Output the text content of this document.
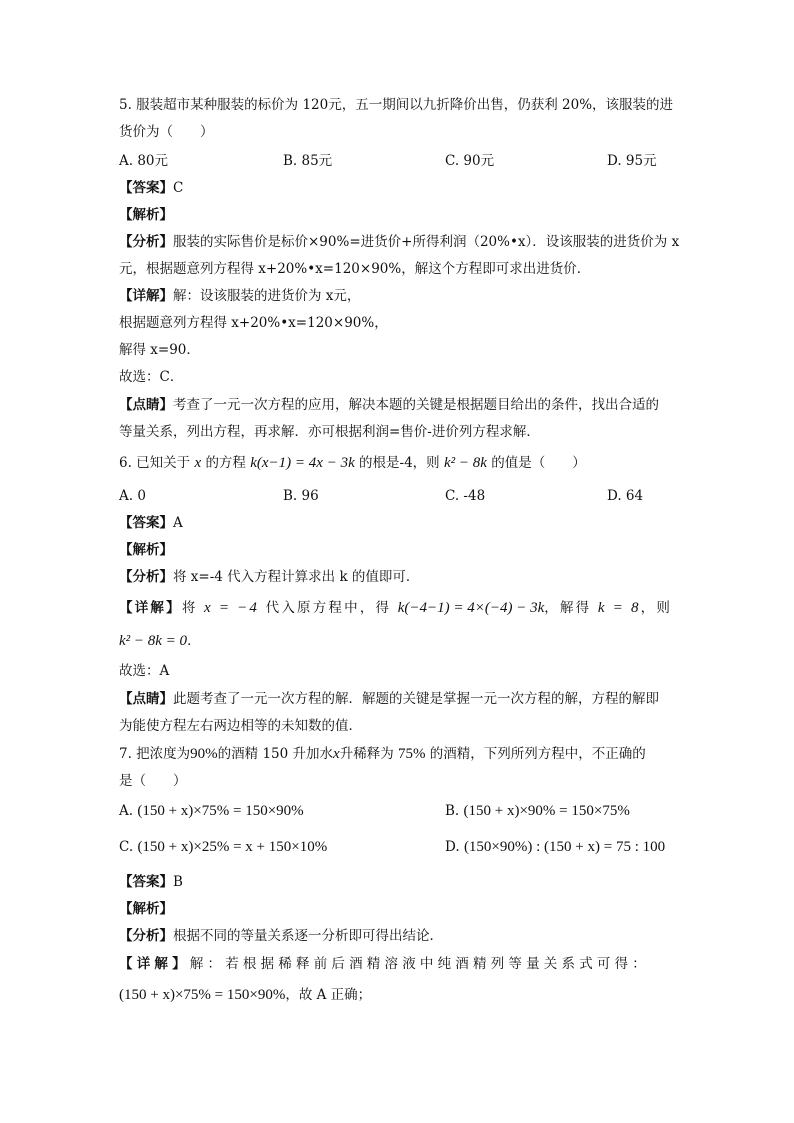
5. 服装超市某种服装的标价为 120元，五一期间以九折降价出售，仍获利 20%，该服装的进
货价为（　　）
A. 80元	B. 85元	C. 90元	D. 95元
【答案】C
【解析】
【分析】服装的实际售价是标价×90%=进货价+所得利润（20%•x）．设该服装的进货价为 x
元，根据题意列方程得 x+20%•x=120×90%，解这个方程即可求出进货价．
【详解】解：设该服装的进货价为 x元，
根据题意列方程得 x+20%•x=120×90%，
解得 x=90．
故选：C．
【点睛】考查了一元一次方程的应用，解决本题的关键是根据题目给出的条件，找出合适的
等量关系，列出方程，再求解．亦可根据利润=售价-进价列方程求解．
6. 已知关于 x 的方程 k(x−1) = 4x − 3k 的根是-4，则 k² − 8k 的值是（　　）
A. 0	B. 96	C. -48	D. 64
【答案】A
【解析】
【分析】将 x=-4 代入方程计算求出 k 的值即可．
【详解】将 x = −4 代入原方程中，得 k(−4−1) = 4×(−4) − 3k，解得 k = 8，则
k² − 8k = 0．
故选：A
【点睛】此题考查了一元一次方程的解．解题的关键是掌握一元一次方程的解，方程的解即
为能使方程左右两边相等的未知数的值．
7. 把浓度为90%的酒精 150 升加水x升稀释为 75% 的酒精，下列所列方程中，不正确的
是（　　）
A. (150 + x)×75% = 150×90%	B. (150 + x)×90% = 150×75%
C. (150 + x)×25% = x + 150×10%	D. (150×90%) : (150 + x) = 75 : 100
【答案】B
【解析】
【分析】根据不同的等量关系逐一分析即可得出结论．
【详解】解：若根据稀释前后酒精溶液中纯酒精列等量关系式可得：
(150 + x)×75% = 150×90%，故 A 正确；
